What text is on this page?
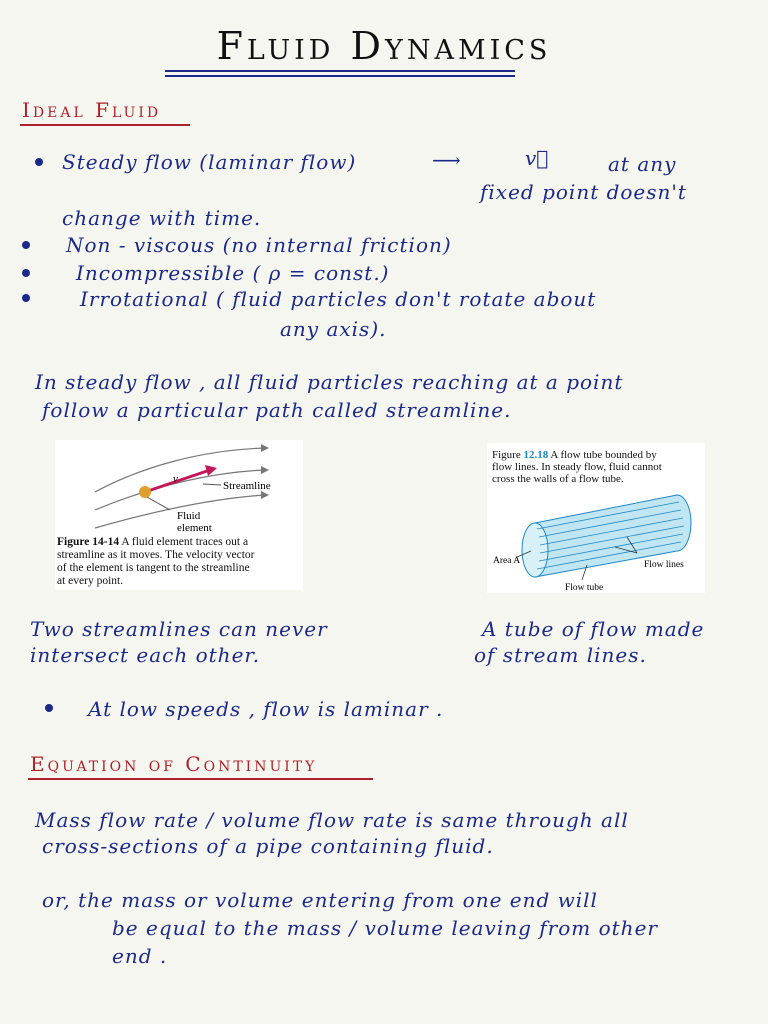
Fluid Dynamics
Ideal Fluid
Steady flow (laminar flow)	⟶	v⃗	at any
fixed point doesn't
change with time.
Non - viscous (no internal friction)
Incompressible ( ρ = const.)
Irrotational ( fluid particles don't rotate about
any axis).
In steady flow , all fluid particles reaching at a point
follow a particular path called streamline.
v⃗
Streamline
Fluid
element
Figure 14-14 A fluid element traces out a
streamline as it moves. The velocity vector
of the element is tangent to the streamline
at every point.
Figure 12.18 A flow tube bounded by
flow lines. In steady flow, fluid cannot
cross the walls of a flow tube.
Area A	Flow lines
Flow tube
Two streamlines can never
intersect each other.
A tube of flow made
of stream lines.
At low speeds , flow is laminar .
Equation of Continuity
Mass flow rate / volume flow rate is same through all
cross-sections of a pipe containing fluid.
or, the mass or volume entering from one end will
be equal to the mass / volume leaving from other
end .
